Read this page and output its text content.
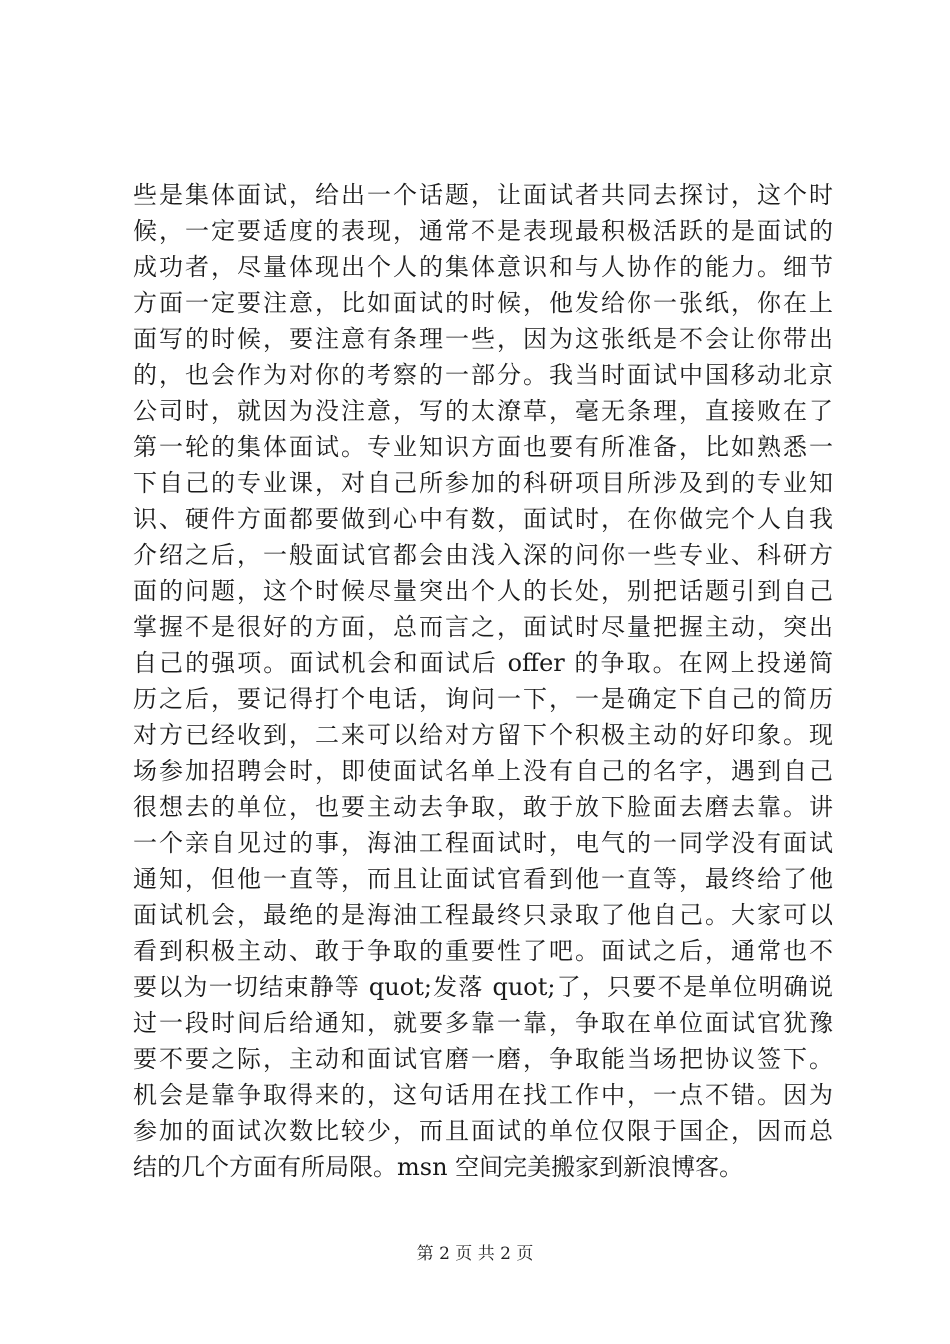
些是集体面试，给出一个话题，让面试者共同去探讨，这个时
候，一定要适度的表现，通常不是表现最积极活跃的是面试的
成功者，尽量体现出个人的集体意识和与人协作的能力。细节
方面一定要注意，比如面试的时候，他发给你一张纸，你在上
面写的时候，要注意有条理一些，因为这张纸是不会让你带出
的，也会作为对你的考察的一部分。我当时面试中国移动北京
公司时，就因为没注意，写的太潦草，毫无条理，直接败在了
第一轮的集体面试。专业知识方面也要有所准备，比如熟悉一
下自己的专业课，对自己所参加的科研项目所涉及到的专业知
识、硬件方面都要做到心中有数，面试时，在你做完个人自我
介绍之后，一般面试官都会由浅入深的问你一些专业、科研方
面的问题，这个时候尽量突出个人的长处，别把话题引到自己
掌握不是很好的方面，总而言之，面试时尽量把握主动，突出
自己的强项。面试机会和面试后 offer 的争取。在网上投递简
历之后，要记得打个电话，询问一下，一是确定下自己的简历
对方已经收到，二来可以给对方留下个积极主动的好印象。现
场参加招聘会时，即使面试名单上没有自己的名字，遇到自己
很想去的单位，也要主动去争取，敢于放下脸面去磨去靠。讲
一个亲自见过的事，海油工程面试时，电气的一同学没有面试
通知，但他一直等，而且让面试官看到他一直等，最终给了他
面试机会，最绝的是海油工程最终只录取了他自己。大家可以
看到积极主动、敢于争取的重要性了吧。面试之后，通常也不
要以为一切结束静等 quot;发落 quot;了，只要不是单位明确说
过一段时间后给通知，就要多靠一靠，争取在单位面试官犹豫
要不要之际，主动和面试官磨一磨，争取能当场把协议签下。
机会是靠争取得来的，这句话用在找工作中，一点不错。因为
参加的面试次数比较少，而且面试的单位仅限于国企，因而总
结的几个方面有所局限。msn 空间完美搬家到新浪博客。
第 2 页 共 2 页
